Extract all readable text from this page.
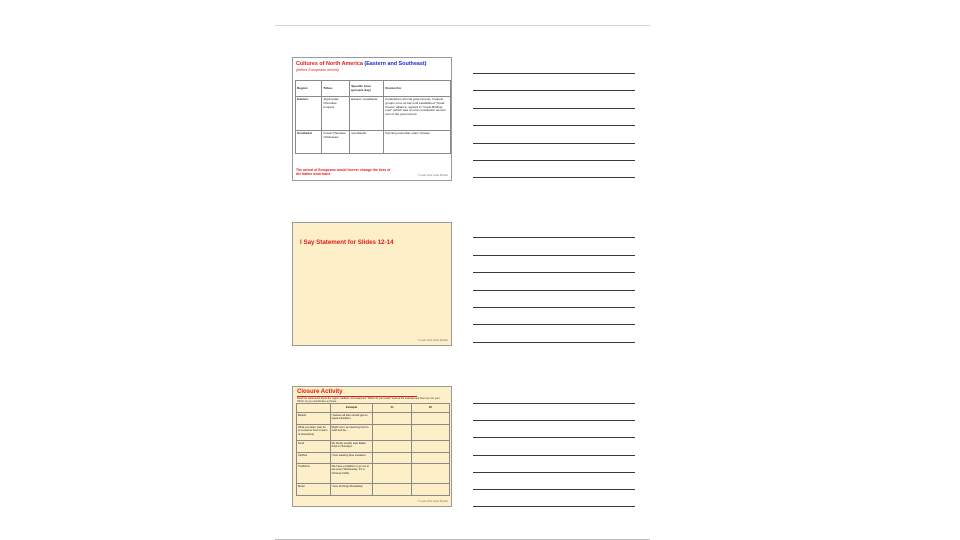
Cultures of North America (Eastern and Southeast)
(before Europeans arrived)
Region	Tribes	Specific Area (present day)	Known For
Eastern	Algonquian Cherokee Iroquois	Eastern woodlands	Federations (formal government), Iroquois groups once at war until established "Great Peace" alliance- agreed to "Great Binding Law" (which was an oral constitution women part of the government
Southeast	Creek Cherokee Chickasaw	woodlands	Farming essential, warm climate
The arrival of Europeans would forever change the lives of the Native Americans	© Lewis 2012 Guide Booklet
I Say Statement for Slides 12-14
© Lewis 2012 Guide Booklet
Closure Activity
Read the statements about the region, tradition, and statement. Which do you relate? Look at the example and then use it in your 'Mirror' as you would have a phrase.
	Example	#1	#2
Beliefs	I believe all kids should get an equal education.		
What you learn (can be to someone how to learn of elsewhere)	Right now I am learning how to read and be…		
Food	My family usually eats Italian food on Sundays.		
Clothes	I love wearing blue sneakers.		
Traditions	We have a tradition to go out to eat every Wednesday. It's a Chinese buffet.		
Music	I love all things Broadway!		
© Lewis 2012 Guide Booklet
